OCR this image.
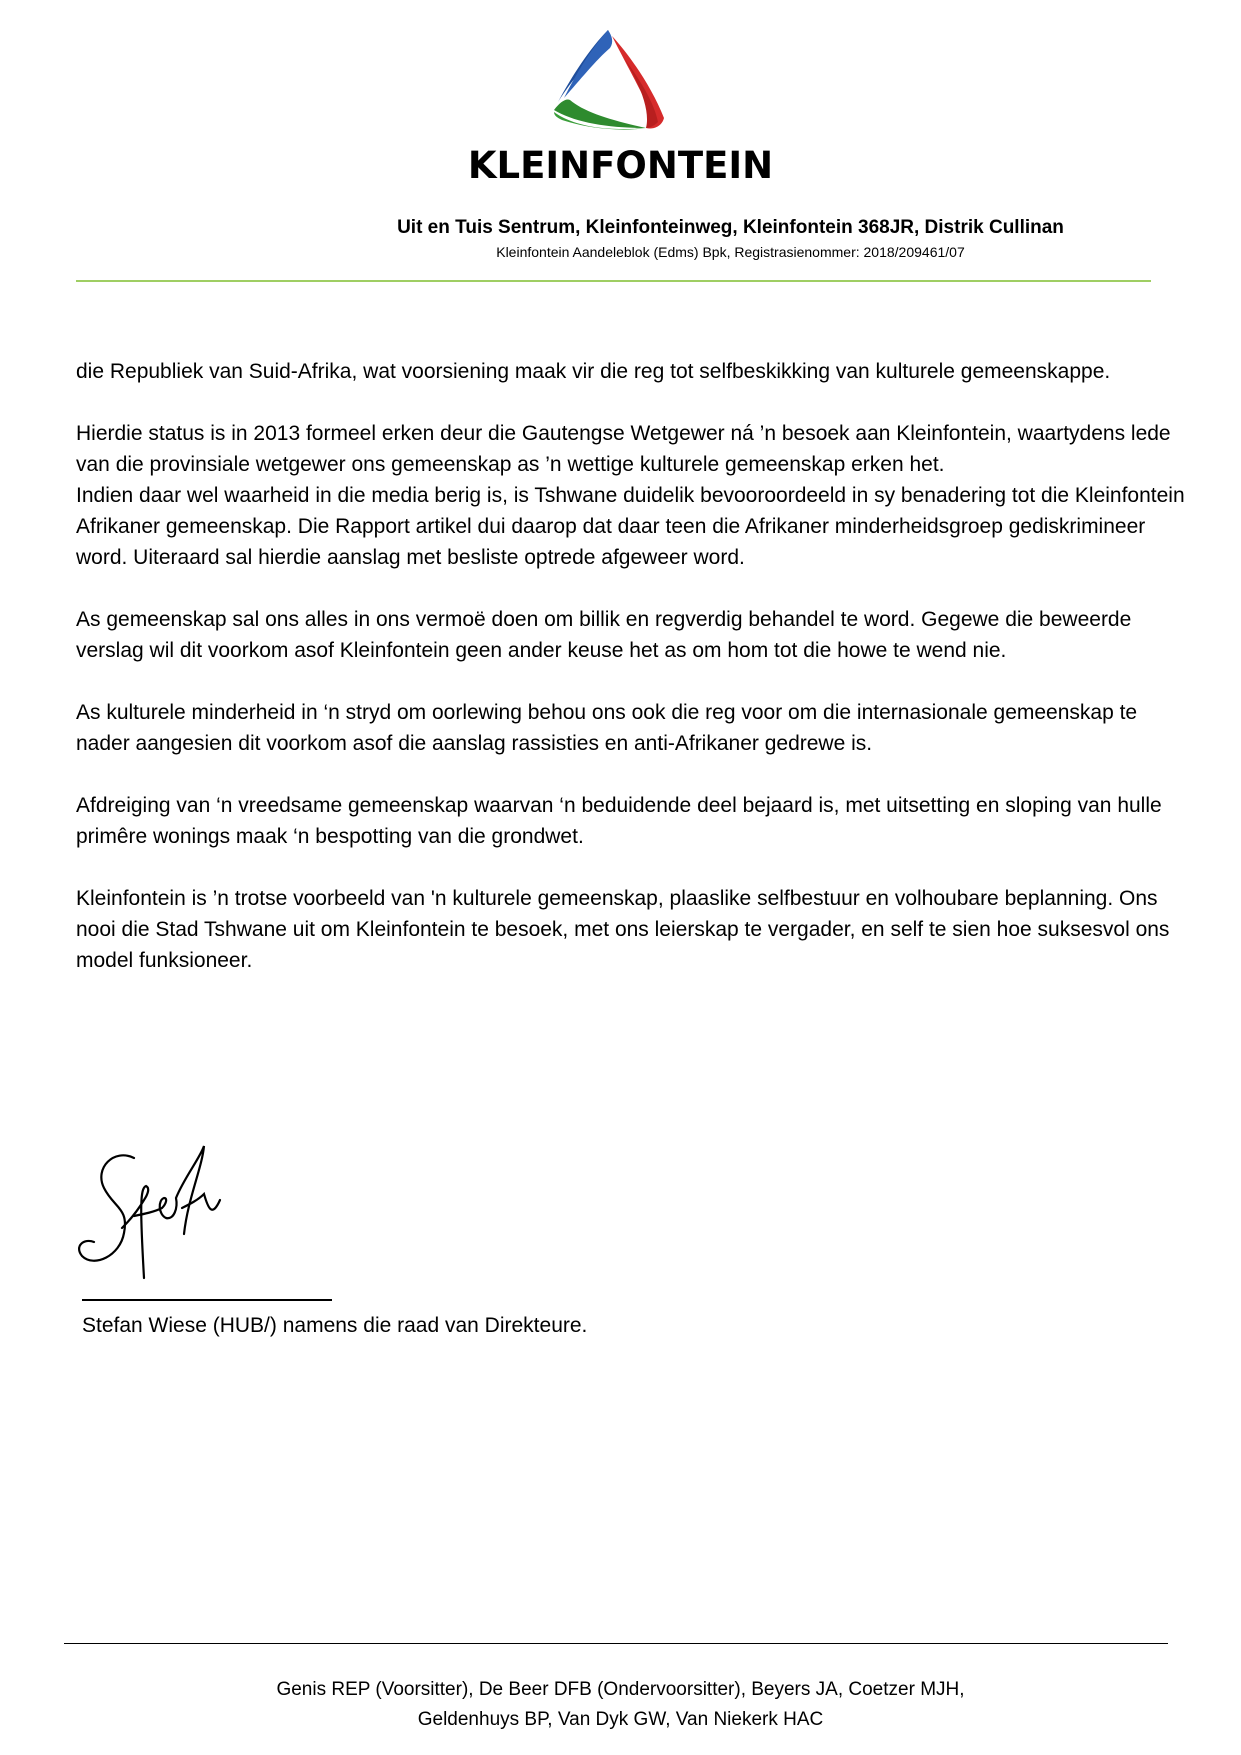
KLEINFONTEIN
Uit en Tuis Sentrum, Kleinfonteinweg, Kleinfontein 368JR, Distrik Cullinan
Kleinfontein Aandeleblok (Edms) Bpk, Registrasienommer: 2018/209461/07

die Republiek van Suid-Afrika, wat voorsiening maak vir die reg tot selfbeskikking van kulturele gemeenskappe.

Hierdie status is in 2013 formeel erken deur die Gautengse Wetgewer ná ’n besoek aan Kleinfontein, waartydens lede van die provinsiale wetgewer ons gemeenskap as ’n wettige kulturele gemeenskap erken het.

Indien daar wel waarheid in die media berig is, is Tshwane duidelik bevooroordeeld in sy benadering tot die Kleinfontein Afrikaner gemeenskap. Die Rapport artikel dui daarop dat daar teen die Afrikaner minderheidsgroep gediskrimineer word. Uiteraard sal hierdie aanslag met besliste optrede afgeweer word.

As gemeenskap sal ons alles in ons vermoë doen om billik en regverdig behandel te word. Gegewe die beweerde verslag wil dit voorkom asof Kleinfontein geen ander keuse het as om hom tot die howe te wend nie.

As kulturele minderheid in ‘n stryd om oorlewing behou ons ook die reg voor om die internasionale gemeenskap te nader aangesien dit voorkom asof die aanslag rassisties en anti-Afrikaner gedrewe is.

Afdreiging van ‘n vreedsame gemeenskap waarvan ‘n beduidende deel bejaard is, met uitsetting en sloping van hulle primêre wonings maak ‘n bespotting van die grondwet.

Kleinfontein is ’n trotse voorbeeld van 'n kulturele gemeenskap, plaaslike selfbestuur en volhoubare beplanning. Ons nooi die Stad Tshwane uit om Kleinfontein te besoek, met ons leierskap te vergader, en self te sien hoe suksesvol ons model funksioneer.

Stefan Wiese (HUB/) namens die raad van Direkteure.
Genis REP (Voorsitter), De Beer DFB (Ondervoorsitter), Beyers JA, Coetzer MJH,
Geldenhuys BP, Van Dyk GW, Van Niekerk HAC
